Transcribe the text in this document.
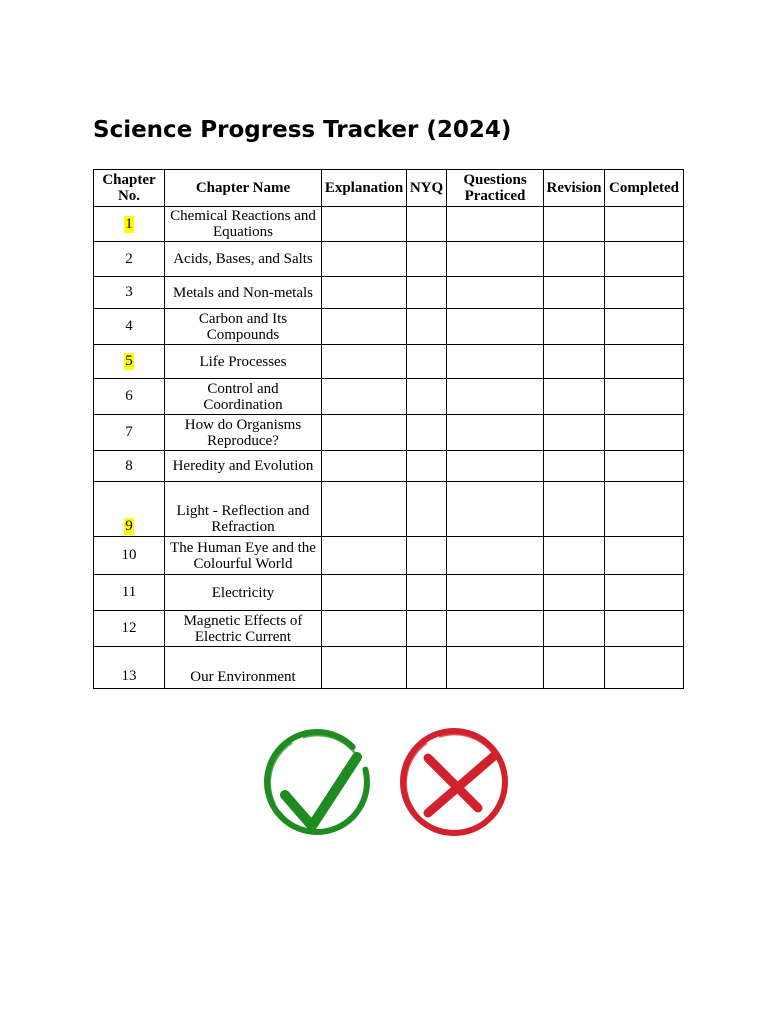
Science Progress Tracker (2024)
Chapter No.	Chapter Name	Explanation	NYQ	Questions Practiced	Revision	Completed
1	Chemical Reactions and Equations					
2	Acids, Bases, and Salts					
3	Metals and Non-metals					
4	Carbon and Its Compounds					
5	Life Processes					
6	Control and Coordination					
7	How do Organisms Reproduce?					
8	Heredity and Evolution					
9	Light - Reflection and Refraction					
10	The Human Eye and the Colourful World					
11	Electricity					
12	Magnetic Effects of Electric Current					
13	Our Environment					
